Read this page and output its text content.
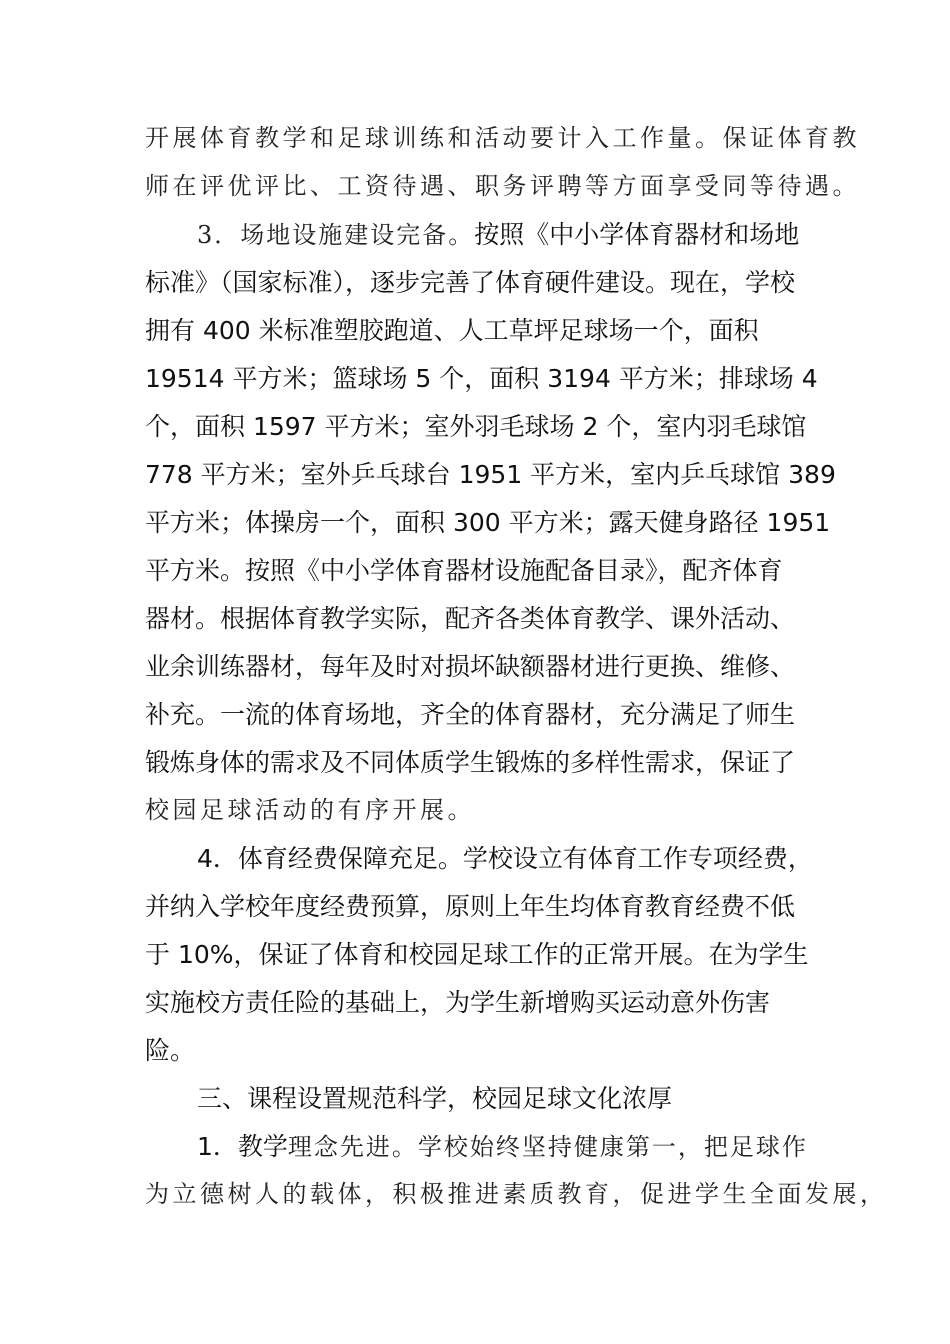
开展体育教学和足球训练和活动要计入工作量。保证体育教
师在评优评比、工资待遇、职务评聘等方面享受同等待遇。
3．场地设施建设完备。按照《中小学体育器材和场地
标准》（国家标准），逐步完善了体育硬件建设。现在，学校
拥有 400 米标准塑胶跑道、人工草坪足球场一个，面积
19514 平方米；篮球场 5 个，面积 3194 平方米；排球场 4
个，面积 1597 平方米；室外羽毛球场 2 个，室内羽毛球馆
778 平方米；室外乒乓球台 1951 平方米，室内乒乓球馆 389
平方米；体操房一个，面积 300 平方米；露天健身路径 1951
平方米。按照《中小学体育器材设施配备目录》，配齐体育
器材。根据体育教学实际，配齐各类体育教学、课外活动、
业余训练器材，每年及时对损坏缺额器材进行更换、维修、
补充。一流的体育场地，齐全的体育器材，充分满足了师生
锻炼身体的需求及不同体质学生锻炼的多样性需求，保证了
校园足球活动的有序开展。
4．体育经费保障充足。学校设立有体育工作专项经费，
并纳入学校年度经费预算，原则上年生均体育教育经费不低
于 10%，保证了体育和校园足球工作的正常开展。在为学生
实施校方责任险的基础上，为学生新增购买运动意外伤害
险。
三、课程设置规范科学，校园足球文化浓厚
1．教学理念先进。学校始终坚持健康第一，把足球作
为立德树人的载体，积极推进素质教育，促进学生全面发展，
